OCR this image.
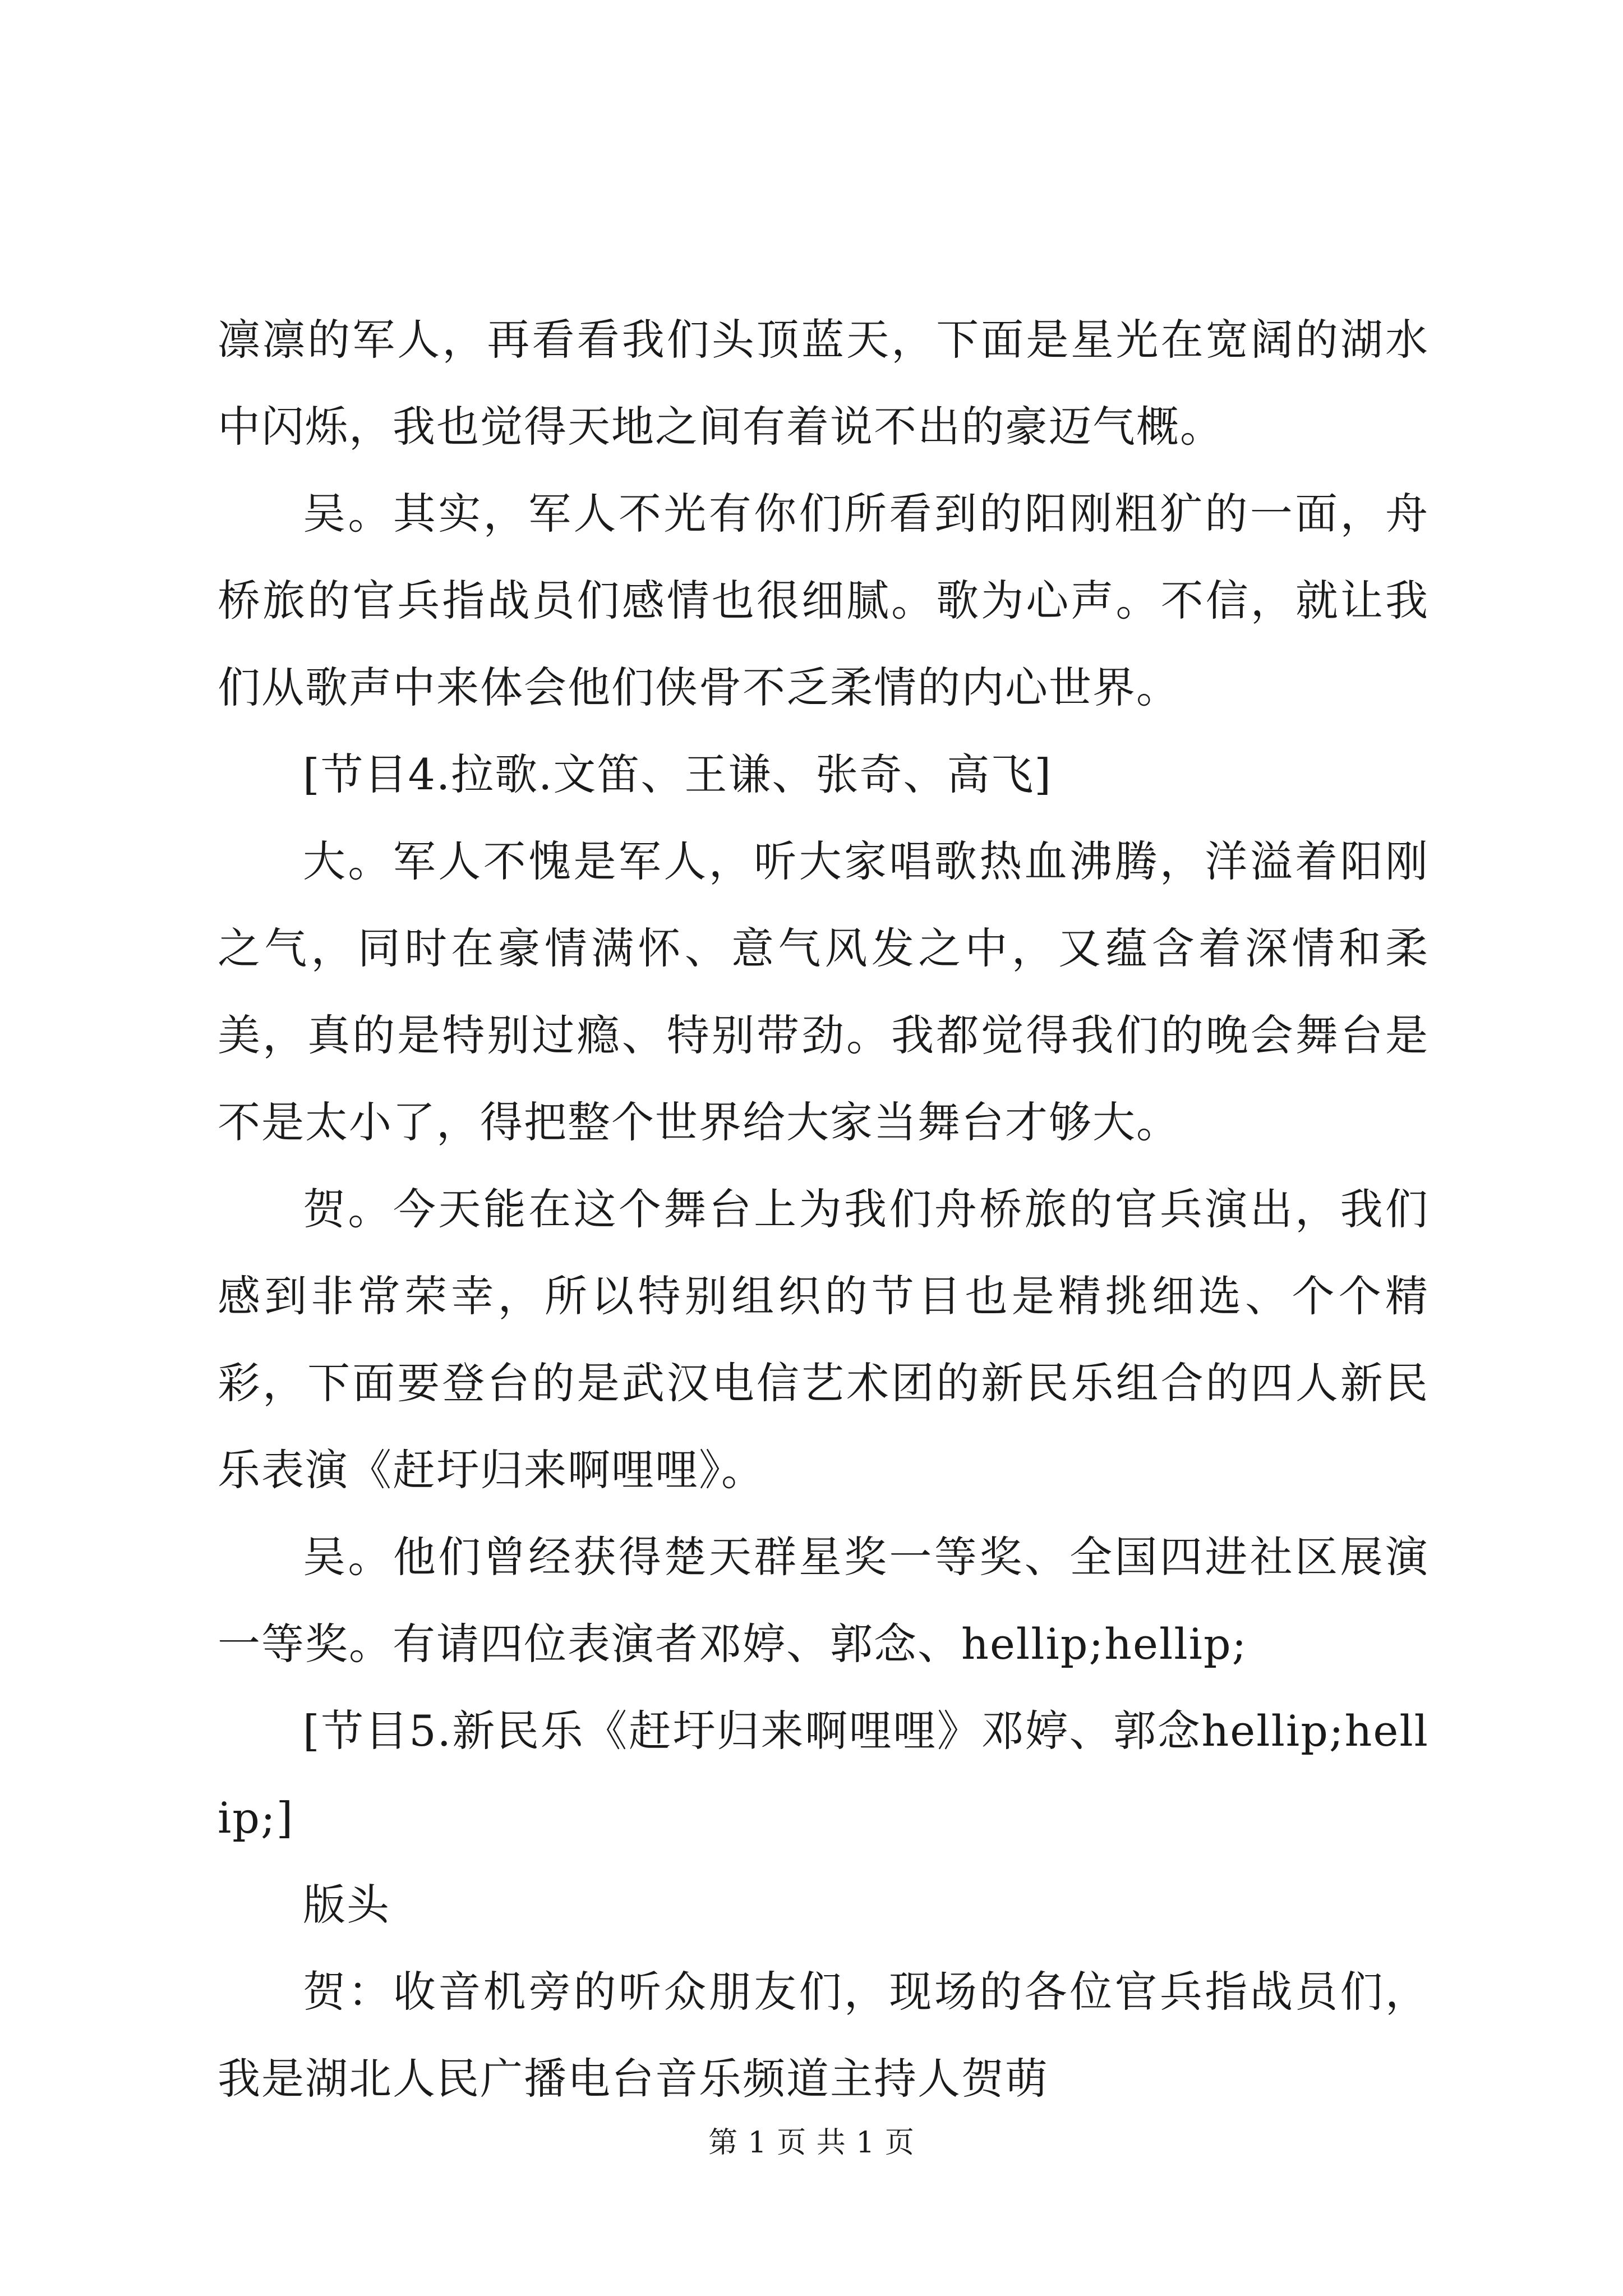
凛凛的军人，再看看我们头顶蓝天，下面是星光在宽阔的湖水中闪烁，我也觉得天地之间有着说不出的豪迈气概。

吴。其实，军人不光有你们所看到的阳刚粗犷的一面，舟桥旅的官兵指战员们感情也很细腻。歌为心声。不信，就让我们从歌声中来体会他们侠骨不乏柔情的内心世界。

[节目4.拉歌.文笛、王谦、张奇、高飞]

大。军人不愧是军人，听大家唱歌热血沸腾，洋溢着阳刚之气，同时在豪情满怀、意气风发之中，又蕴含着深情和柔美，真的是特别过瘾、特别带劲。我都觉得我们的晚会舞台是不是太小了，得把整个世界给大家当舞台才够大。

贺。今天能在这个舞台上为我们舟桥旅的官兵演出，我们感到非常荣幸，所以特别组织的节目也是精挑细选、个个精彩，下面要登台的是武汉电信艺术团的新民乐组合的四人新民乐表演《赶圩归来啊哩哩》。

吴。他们曾经获得楚天群星奖一等奖、全国四进社区展演一等奖。有请四位表演者邓婷、郭念、hellip;hellip;

[节目5.新民乐《赶圩归来啊哩哩》邓婷、郭念hellip;hellip;]

版头

贺：收音机旁的听众朋友们，现场的各位官兵指战员们，我是湖北人民广播电台音乐频道主持人贺萌

第 1 页 共 1 页
